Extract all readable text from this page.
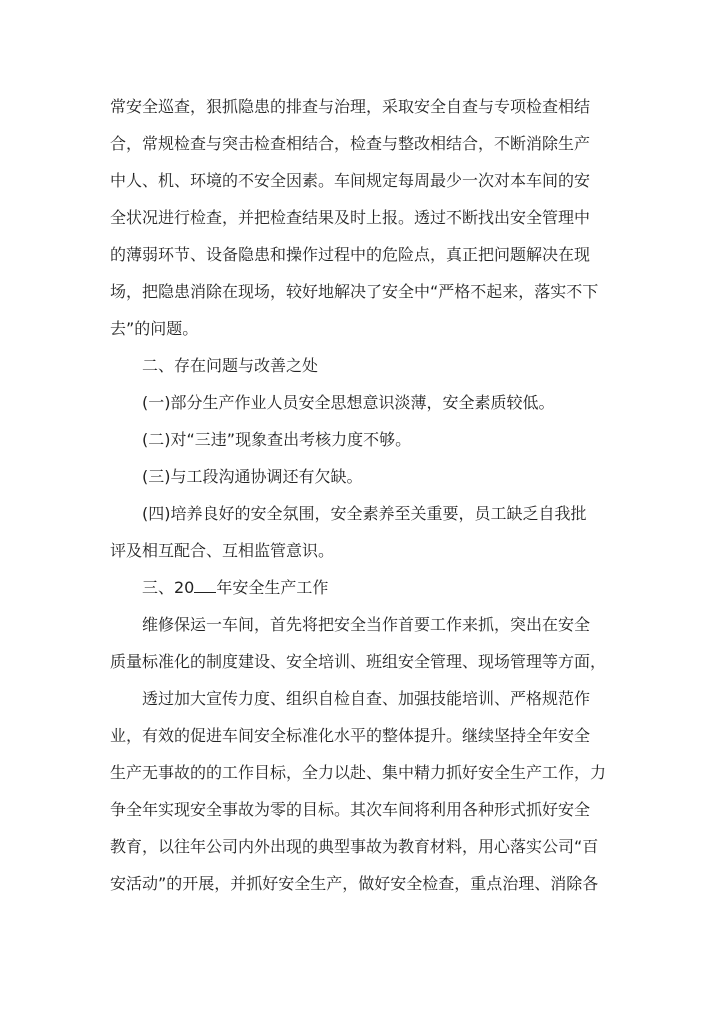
常安全巡查，狠抓隐患的排查与治理，采取安全自查与专项检查相结
合，常规检查与突击检查相结合，检查与整改相结合，不断消除生产
中人、机、环境的不安全因素。车间规定每周最少一次对本车间的安
全状况进行检查，并把检查结果及时上报。透过不断找出安全管理中
的薄弱环节、设备隐患和操作过程中的危险点，真正把问题解决在现
场，把隐患消除在现场，较好地解决了安全中“严格不起来，落实不下
去”的问题。
二、存在问题与改善之处
(一)部分生产作业人员安全思想意识淡薄，安全素质较低。
(二)对“三违”现象查出考核力度不够。
(三)与工段沟通协调还有欠缺。
(四)培养良好的安全氛围，安全素养至关重要，员工缺乏自我批
评及相互配合、互相监管意识。
三、20 年安全生产工作
维修保运一车间，首先将把安全当作首要工作来抓，突出在安全
质量标准化的制度建设、安全培训、班组安全管理、现场管理等方面，
透过加大宣传力度、组织自检自查、加强技能培训、严格规范作
业，有效的促进车间安全标准化水平的整体提升。继续坚持全年安全
生产无事故的的工作目标，全力以赴、集中精力抓好安全生产工作，力
争全年实现安全事故为零的目标。其次车间将利用各种形式抓好安全
教育，以往年公司内外出现的典型事故为教育材料，用心落实公司“百
安活动”的开展，并抓好安全生产，做好安全检查，重点治理、消除各
